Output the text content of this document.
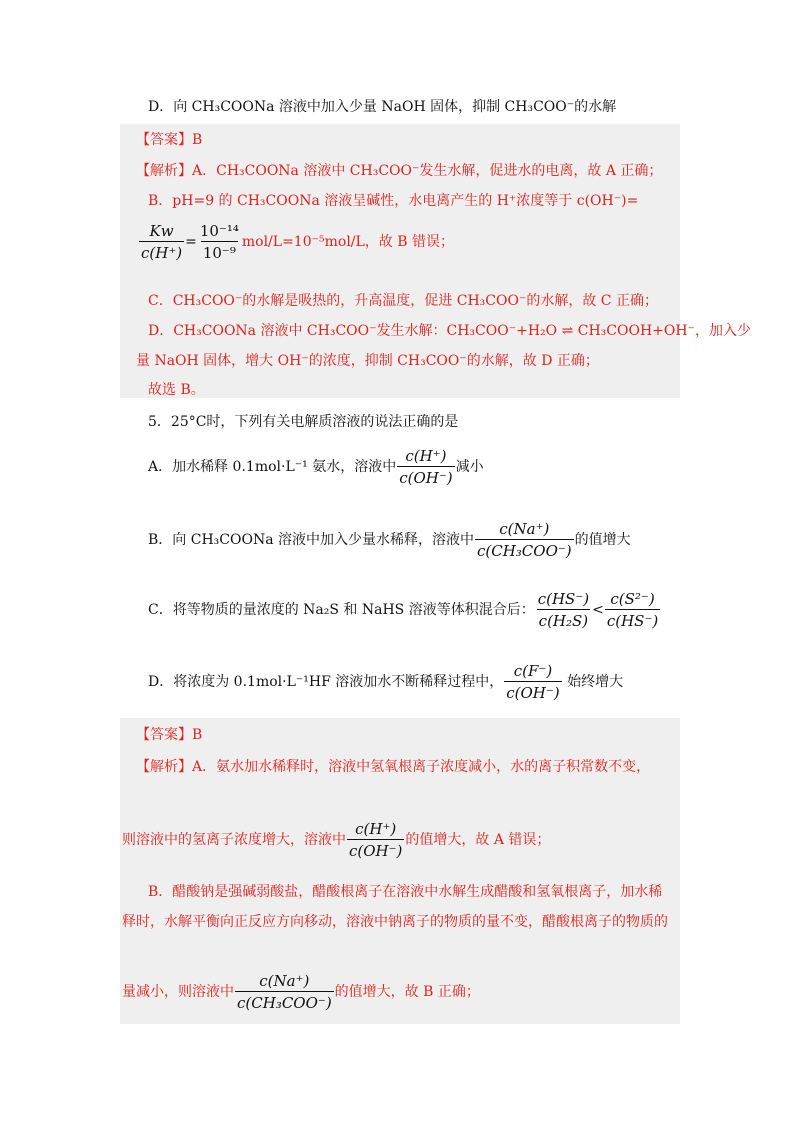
D．向 CH₃COONa 溶液中加入少量 NaOH 固体，抑制 CH₃COO⁻的水解
【答案】B
【解析】A．CH₃COONa 溶液中 CH₃COO⁻发生水解，促进水的电离，故 A 正确；
B．pH=9 的 CH₃COONa 溶液呈碱性，水电离产生的 H⁺浓度等于 c(OH⁻)=
$\frac{Kw}{c(H^+)} = \frac{\text{10⁻¹⁴}}{\text{10⁻⁹}} mol/L=10^{-5}mol/L$，故 B 错误；
C．CH₃COO⁻的水解是吸热的，升高温度，促进 CH₃COO⁻的水解，故 C 正确；
D．CH₃COONa 溶液中 CH₃COO⁻发生水解：CH₃COO⁻+H₂O ⇌ CH₃COOH+OH⁻，加入少
量 NaOH 固体，增大 OH⁻的浓度，抑制 CH₃COO⁻的水解，故 D 正确；
故选 B。
5．25°C时，下列有关电解质溶液的说法正确的是
A．加水稀释 0.1mol·L⁻¹ 氨水，溶液中 $\frac{c(H^+)}{c(OH^-)}$ 减小
B．向 CH₃COONa 溶液中加入少量水稀释，溶液中 $\frac{c(Na^+)}{\text{c(CH₃COO⁻)}}$ 的值增大
C．将等物质的量浓度的 Na₂S 和 NaHS 溶液等体积混合后： $\frac{c(HS^-)}{\text{c(H₂S)}} < \frac{\text{c(S²⁻)}}{c(HS^-)}$
D．将浓度为 0.1mol·L⁻¹HF 溶液加水不断稀释过程中， $\frac{c(F^-)}{c(OH^-)}$ 始终增大
【答案】B
【解析】A．氨水加水稀释时，溶液中氢氧根离子浓度减小，水的离子积常数不变，
则溶液中的氢离子浓度增大，溶液中 $\frac{c(H^+)}{c(OH^-)}$ 的值增大，故 A 错误；
B．醋酸钠是强碱弱酸盐，醋酸根离子在溶液中水解生成醋酸和氢氧根离子，加水稀
释时，水解平衡向正反应方向移动，溶液中钠离子的物质的量不变，醋酸根离子的物质的
量减小，则溶液中 $\frac{c(Na^+)}{\text{c(CH₃COO⁻)}}$ 的值增大，故 B 正确；
